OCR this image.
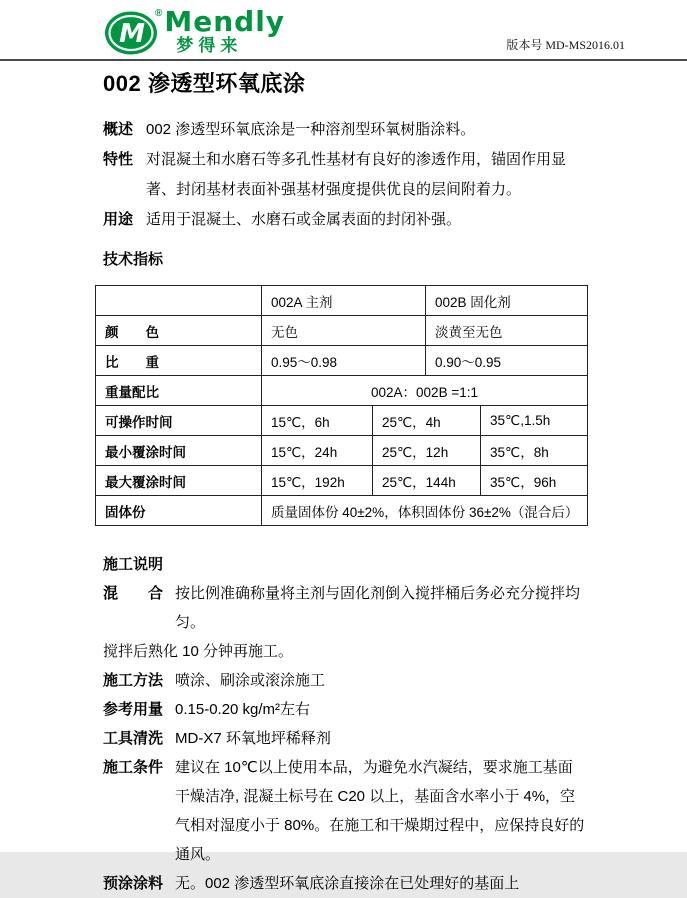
M
® Mendly
梦得来	版本号 MD-MS2016.01
002 渗透型环氧底涂
概述 002 渗透型环氧底涂是一种溶剂型环氧树脂涂料。
特性 对混凝土和水磨石等多孔性基材有良好的渗透作用，锚固作用显著、封闭基材表面补强基材强度提供优良的层间附着力。
用途 适用于混凝土、水磨石或金属表面的封闭补强。
技术指标
	002A 主剂		002B 固化剂	
颜　　色	无色		淡黄至无色	
比　　重	0.95～0.98		0.90～0.95	
重量配比	002A：002B =1:1			
可操作时间	15℃，6h	25℃，4h		35℃,1.5h
最小覆涂时间	15℃，24h	25℃，12h		35℃，8h
最大覆涂时间	15℃，192h	25℃，144h		35℃，96h
固体份	质量固体份 40±2%，体积固体份 36±2%（混合后）			
施工说明
混　　合 按比例准确称量将主剂与固化剂倒入搅拌桶后务必充分搅拌均匀。
搅拌后熟化 10 分钟再施工。
施工方法 喷涂、刷涂或滚涂施工
参考用量 0.15-0.20 kg/m²左右
工具清洗 MD-X7 环氧地坪稀释剂
施工条件 建议在 10℃以上使用本品，为避免水汽凝结，要求施工基面干燥洁净, 混凝土标号在 C20 以上，基面含水率小于 4%，空气相对湿度小于 80%。在施工和干燥期过程中，应保持良好的通风。
预涂涂料 无。002 渗透型环氧底涂直接涂在已处理好的基面上
